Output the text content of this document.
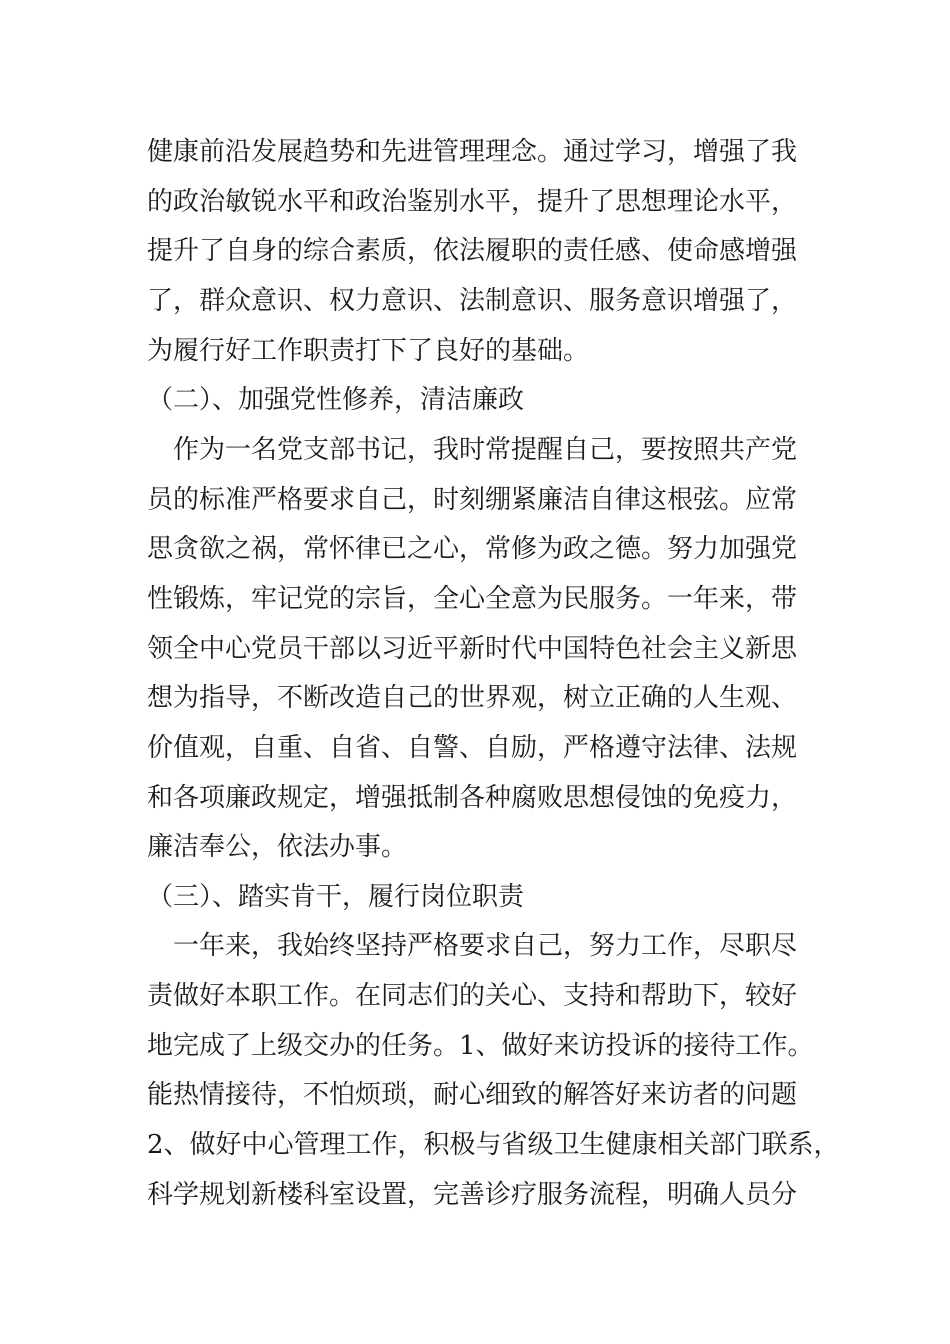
健康前沿发展趋势和先进管理理念。通过学习，增强了我
的政治敏锐水平和政治鉴别水平，提升了思想理论水平，
提升了自身的综合素质，依法履职的责任感、使命感增强
了，群众意识、权力意识、法制意识、服务意识增强了，
为履行好工作职责打下了良好的基础。
（二）、加强党性修养，清洁廉政
作为一名党支部书记，我时常提醒自己，要按照共产党
员的标准严格要求自己，时刻绷紧廉洁自律这根弦。应常
思贪欲之祸，常怀律已之心，常修为政之德。努力加强党
性锻炼，牢记党的宗旨，全心全意为民服务。一年来，带
领全中心党员干部以习近平新时代中国特色社会主义新思
想为指导，不断改造自己的世界观，树立正确的人生观、
价值观，自重、自省、自警、自励，严格遵守法律、法规
和各项廉政规定，增强抵制各种腐败思想侵蚀的免疫力，
廉洁奉公，依法办事。
（三）、踏实肯干，履行岗位职责
一年来，我始终坚持严格要求自己，努力工作，尽职尽
责做好本职工作。在同志们的关心、支持和帮助下，较好
地完成了上级交办的任务。1、做好来访投诉的接待工作。
能热情接待，不怕烦琐，耐心细致的解答好来访者的问题
2、做好中心管理工作，积极与省级卫生健康相关部门联系，
科学规划新楼科室设置，完善诊疗服务流程，明确人员分
